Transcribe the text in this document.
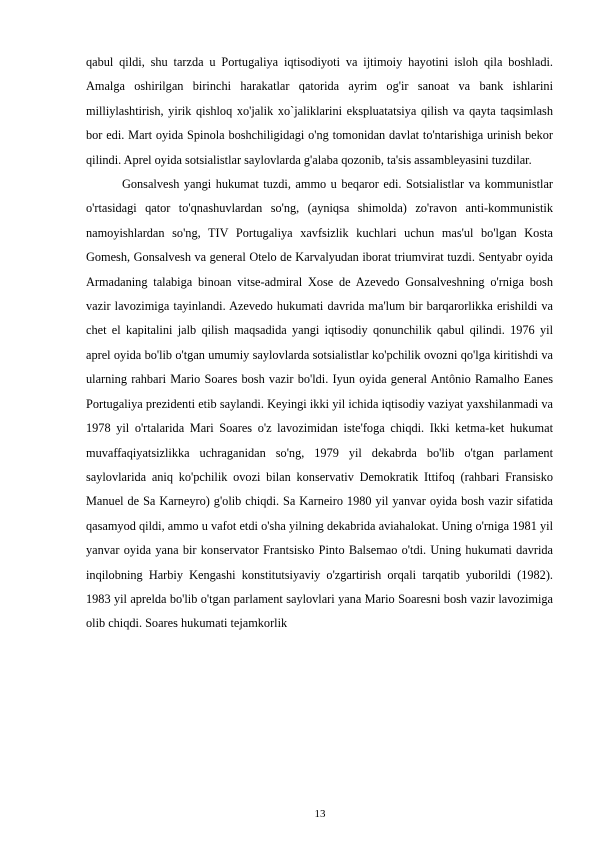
qabul qildi, shu tarzda u Portugaliya iqtisodiyoti va ijtimoiy hayotini isloh qila boshladi. Amalga oshirilgan birinchi harakatlar qatorida ayrim og'ir sanoat va bank ishlarini milliylashtirish, yirik qishloq xo'jalik xo`jaliklarini ekspluatatsiya qilish va qayta taqsimlash bor edi. Mart oyida Spinola boshchiligidagi o'ng tomonidan davlat to'ntarishiga urinish bekor qilindi. Aprel oyida sotsialistlar saylovlarda g'alaba qozonib, ta'sis assambleyasini tuzdilar.

Gonsalvesh yangi hukumat tuzdi, ammo u beqaror edi. Sotsialistlar va kommunistlar o'rtasidagi qator to'qnashuvlardan so'ng, (ayniqsa shimolda) zo'ravon anti-kommunistik namoyishlardan so'ng, TIV Portugaliya xavfsizlik kuchlari uchun mas'ul bo'lgan Kosta Gomesh, Gonsalvesh va general Otelo de Karvalyudan iborat triumvirat tuzdi. Sentyabr oyida Armadaning talabiga binoan vitse-admiral Xose de Azevedo Gonsalveshning o'rniga bosh vazir lavozimiga tayinlandi. Azevedo hukumati davrida ma'lum bir barqarorlikka erishildi va chet el kapitalini jalb qilish maqsadida yangi iqtisodiy qonunchilik qabul qilindi. 1976 yil aprel oyida bo'lib o'tgan umumiy saylovlarda sotsialistlar ko'pchilik ovozni qo'lga kiritishdi va ularning rahbari Mario Soares bosh vazir bo'ldi. Iyun oyida general Antônio Ramalho Eanes Portugaliya prezidenti etib saylandi. Keyingi ikki yil ichida iqtisodiy vaziyat yaxshilanmadi va 1978 yil o'rtalarida Mari Soares o'z lavozimidan iste'foga chiqdi. Ikki ketma-ket hukumat muvaffaqiyatsizlikka uchraganidan so'ng, 1979 yil dekabrda bo'lib o'tgan parlament saylovlarida aniq ko'pchilik ovozi bilan konservativ Demokratik Ittifoq (rahbari Fransisko Manuel de Sa Karneyro) g'olib chiqdi. Sa Karneiro 1980 yil yanvar oyida bosh vazir sifatida qasamyod qildi, ammo u vafot etdi o'sha yilning dekabrida aviahalokat. Uning o'rniga 1981 yil yanvar oyida yana bir konservator Frantsisko Pinto Balsemao o'tdi. Uning hukumati davrida inqilobning Harbiy Kengashi konstitutsiyaviy o'zgartirish orqali tarqatib yuborildi (1982). 1983 yil aprelda bo'lib o'tgan parlament saylovlari yana Mario Soaresni bosh vazir lavozimiga olib chiqdi. Soares hukumati tejamkorlik

13
